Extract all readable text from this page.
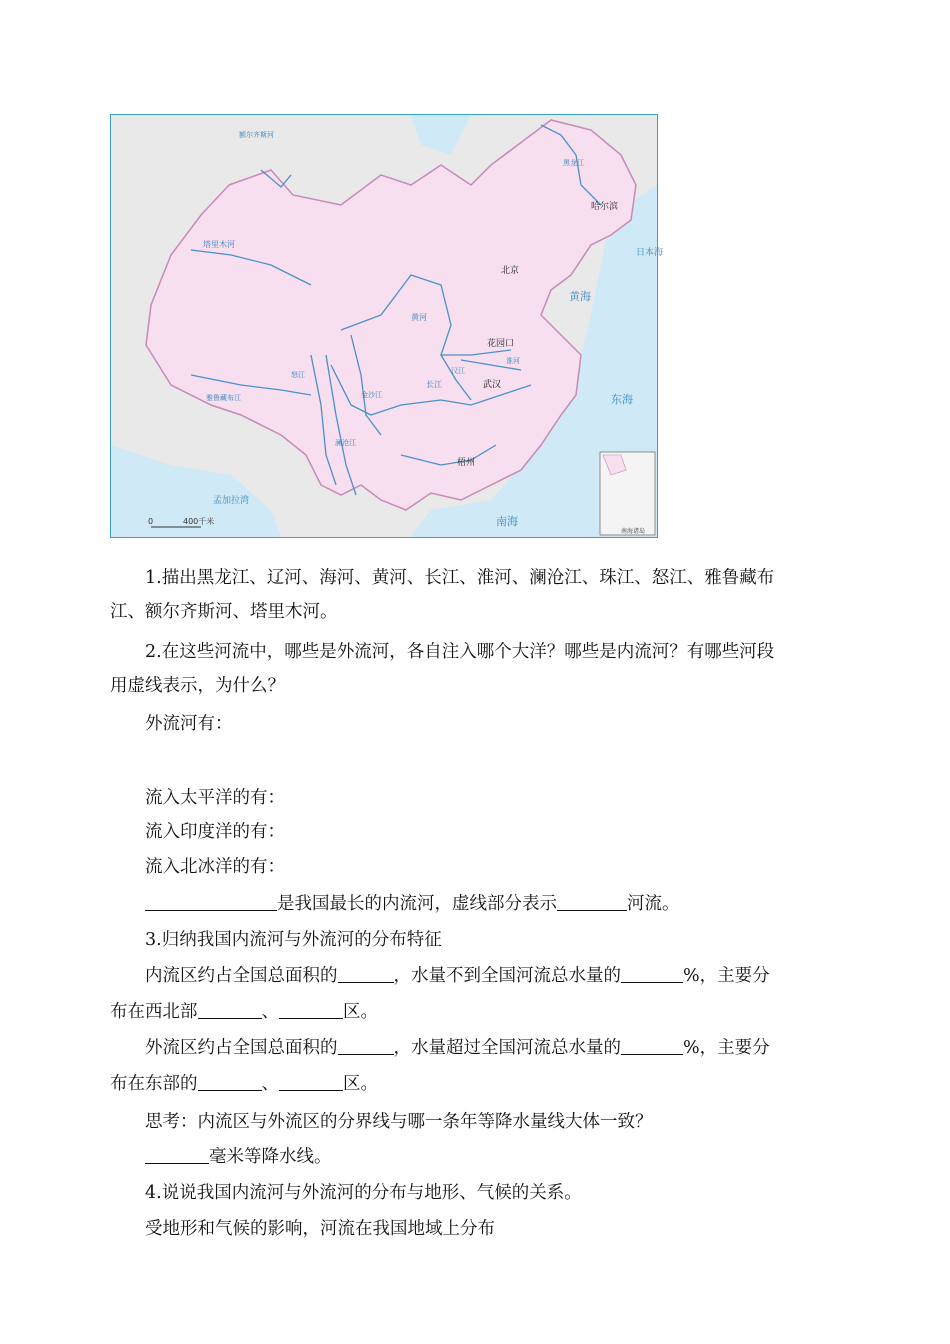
0	400千米
南海诸岛
日本海
黄海
东海
南海
孟加拉湾
哈尔滨
北京
花园口
武汉
梧州
额尔齐斯河
黑龙江
塔里木河
黄河
长江
淮河
汉江
金沙江
怒江
澜沧江
雅鲁藏布江
1.描出黑龙江、辽河、海河、黄河、长江、淮河、澜沧江、珠江、怒江、雅鲁藏布
江、额尔齐斯河、塔里木河。
2.在这些河流中，哪些是外流河，各自注入哪个大洋？哪些是内流河？有哪些河段
用虚线表示，为什么？
外流河有：
流入太平洋的有：
流入印度洋的有：
流入北冰洋的有：
是我国最长的内流河，虚线部分表示	河流。
3.归纳我国内流河与外流河的分布特征
内流区约占全国总面积的	，水量不到全国河流总水量的	%，主要分
布在西北部	、	区。
外流区约占全国总面积的	，水量超过全国河流总水量的	%，主要分
布在东部的	、	区。
思考：内流区与外流区的分界线与哪一条年等降水量线大体一致？
毫米等降水线。
4.说说我国内流河与外流河的分布与地形、气候的关系。
受地形和气候的影响，河流在我国地域上分布
